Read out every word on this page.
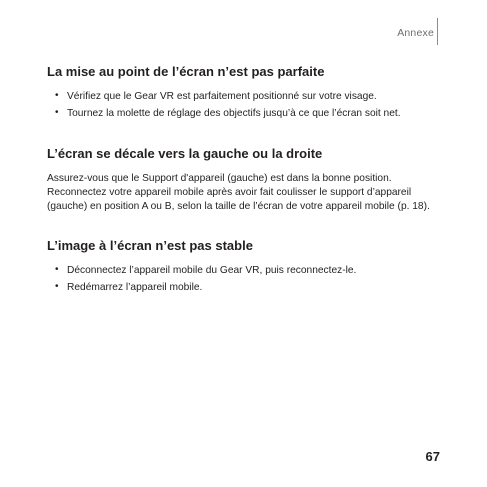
Annexe
La mise au point de l’écran n’est pas parfaite
• Vérifiez que le Gear VR est parfaitement positionné sur votre visage.
• Tournez la molette de réglage des objectifs jusqu’à ce que l’écran soit net.
L’écran se décale vers la gauche ou la droite

Assurez-vous que le Support d'appareil (gauche) est dans la bonne position. Reconnectez votre appareil mobile après avoir fait coulisser le support d’appareil (gauche) en position A ou B, selon la taille de l’écran de votre appareil mobile (p. 18).

L’image à l’écran n’est pas stable
• Déconnectez l’appareil mobile du Gear VR, puis reconnectez-le.
• Redémarrez l’appareil mobile.
67
